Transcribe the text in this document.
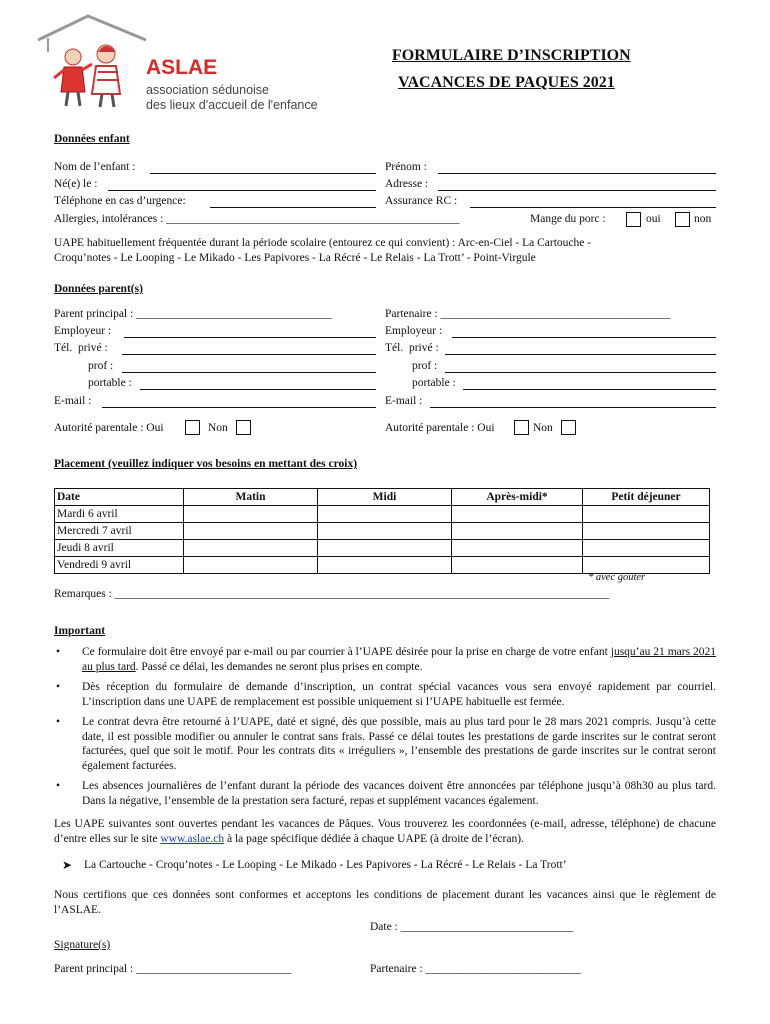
ASLAE
association sédunoise
des lieux d'accueil de l'enfance
FORMULAIRE D’INSCRIPTION
VACANCES DE PAQUES 2021
Données enfant
Nom de l’enfant :	Prénom :
Né(e) le :	Adresse :
Téléphone en cas d’urgence:	Assurance RC :
Allergies, intolérances : ___________________________________________________	Mange du porc :	oui	non
UAPE habituellement fréquentée durant la période scolaire (entourez ce qui convient) : Arc-en-Ciel - La Cartouche -
Croqu’notes - Le Looping - Le Mikado - Les Papivores - La Récré - Le Relais - La Trott’ - Point-Virgule
Données parent(s)
Parent principal : __________________________________	Partenaire : ________________________________________
Employeur :	Employeur :
Tél.  privé :	Tél.  privé :
prof :	prof :
portable :	portable :
E-mail :	E-mail :
Autorité parentale : Oui	Non	Autorité parentale : Oui	Non
Placement (veuillez indiquer vos besoins en mettant des croix)
Date	Matin	Midi	Après-midi*	Petit déjeuner
Mardi 6 avril				
Mercredi 7 avril				
Jeudi 8 avril				
Vendredi 9 avril				
* avec goûter
Remarques : ______________________________________________________________________________________
Important
• Ce formulaire doit être envoyé par e-mail ou par courrier à l’UAPE désirée pour la prise en charge de votre enfant jusqu’au 21 mars 2021 au plus tard. Passé ce délai, les demandes ne seront plus prises en compte.
• Dès réception du formulaire de demande d’inscription, un contrat spécial vacances vous sera envoyé rapidement par courriel. L’inscription dans une UAPE de remplacement est possible uniquement si l’UAPE habituelle est fermée.
• Le contrat devra être retourné à l’UAPE, daté et signé, dès que possible, mais au plus tard pour le 28 mars 2021 compris. Jusqu’à cette date, il est possible modifier ou annuler le contrat sans frais. Passé ce délai toutes les prestations de garde inscrites sur le contrat seront facturées, quel que soit le motif. Pour les contrats dits « irréguliers », l’ensemble des prestations de garde inscrites sur le contrat seront également facturées.
• Les absences journalières de l’enfant durant la période des vacances doivent être annoncées par téléphone jusqu’à 08h30 au plus tard. Dans la négative, l’ensemble de la prestation sera facturé, repas et supplément vacances également.
Les UAPE suivantes sont ouvertes pendant les vacances de Pâques. Vous trouverez les coordonnées (e-mail, adresse, téléphone) de chacune d’entre elles sur le site www.aslae.ch à la page spécifique dédiée à chaque UAPE (à droite de l’écran).
➤ La Cartouche - Croqu’notes - Le Looping - Le Mikado - Les Papivores - La Récré - Le Relais - La Trott’
Nous certifions que ces données sont conformes et acceptons les conditions de placement durant les vacances ainsi que le règlement de l’ASLAE.
Date : ______________________________
Signature(s)
Parent principal : ___________________________	Partenaire : ___________________________
